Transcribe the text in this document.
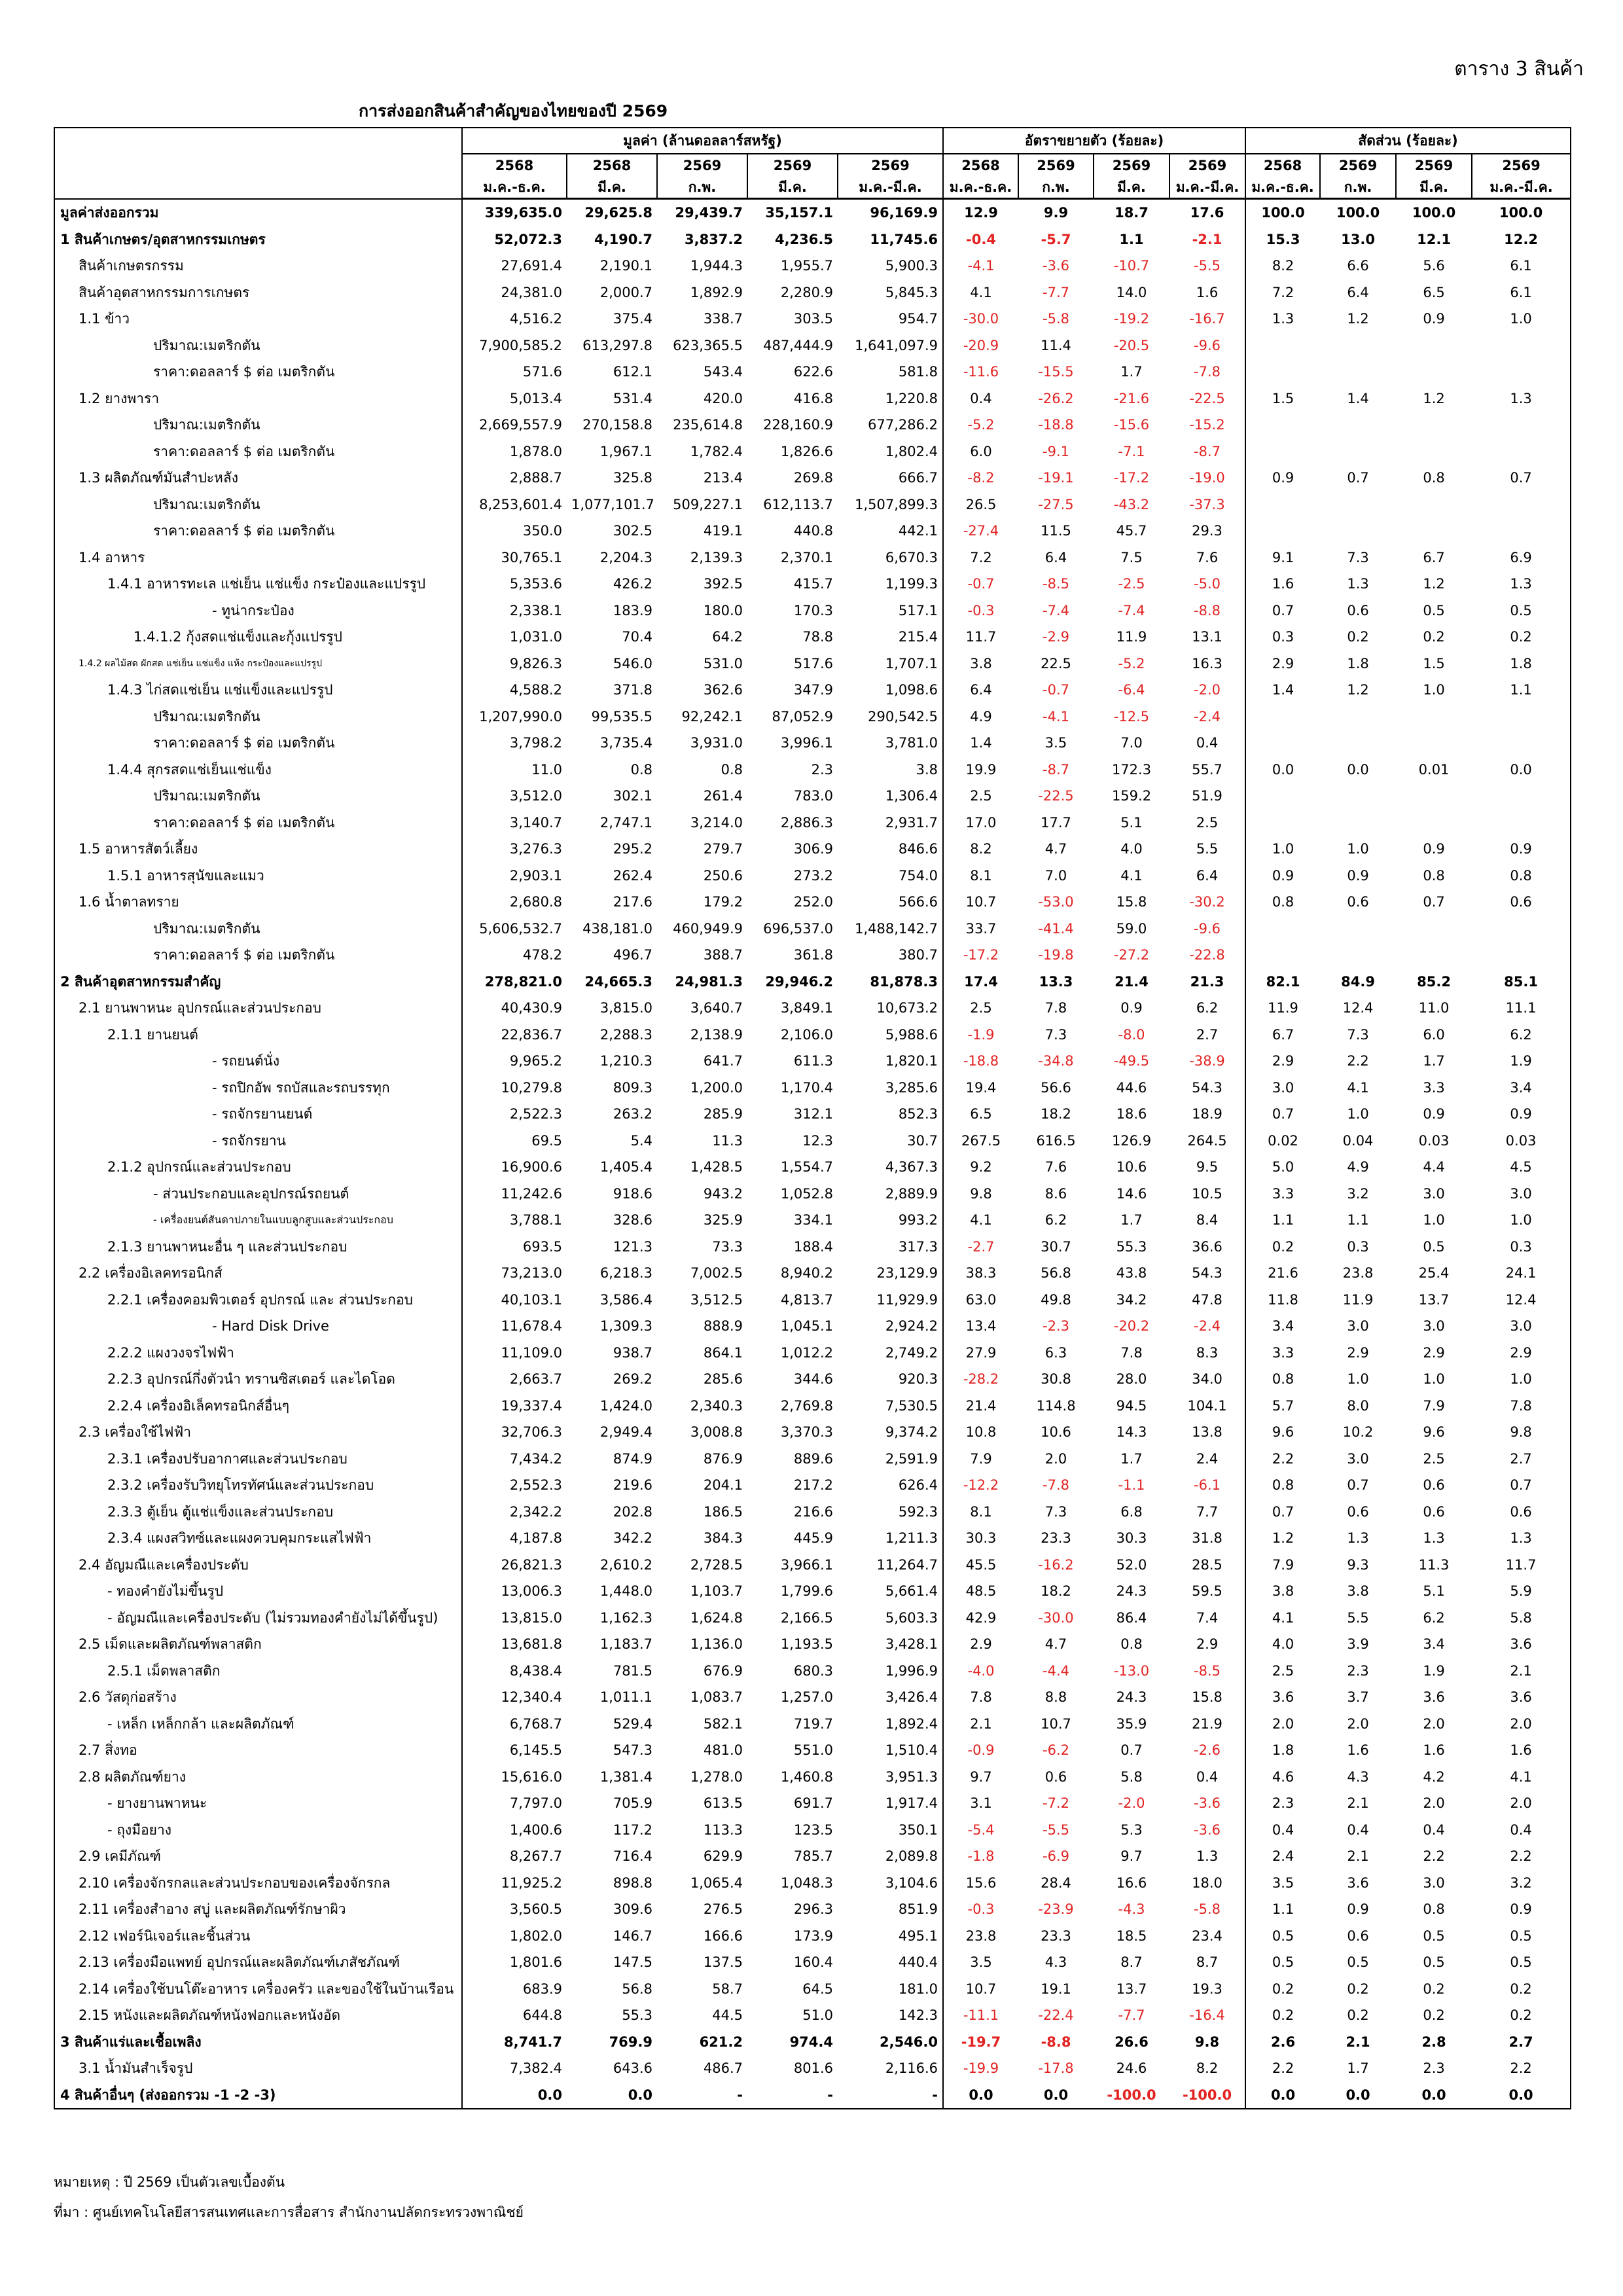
ตาราง 3 สินค้า
การส่งออกสินค้าสำคัญของไทยของปี 2569
	มูลค่า (ล้านดอลลาร์สหรัฐ)					อัตราขยายตัว (ร้อยละ)				สัดส่วน (ร้อยละ)			
	2568	2568	2569	2569	2569	2568	2569	2569	2569	2568	2569	2569	2569
	ม.ค.-ธ.ค.	มี.ค.	ก.พ.	มี.ค.	ม.ค.-มี.ค.	ม.ค.-ธ.ค.	ก.พ.	มี.ค.	ม.ค.-มี.ค.	ม.ค.-ธ.ค.	ก.พ.	มี.ค.	ม.ค.-มี.ค.
มูลค่าส่งออกรวม	339,635.0	29,625.8	29,439.7	35,157.1	96,169.9	12.9	9.9	18.7	17.6	100.0	100.0	100.0	100.0
1 สินค้าเกษตร/อุตสาหกรรมเกษตร	52,072.3	4,190.7	3,837.2	4,236.5	11,745.6	-0.4	-5.7	1.1	-2.1	15.3	13.0	12.1	12.2
สินค้าเกษตรกรรม	27,691.4	2,190.1	1,944.3	1,955.7	5,900.3	-4.1	-3.6	-10.7	-5.5	8.2	6.6	5.6	6.1
สินค้าอุตสาหกรรมการเกษตร	24,381.0	2,000.7	1,892.9	2,280.9	5,845.3	4.1	-7.7	14.0	1.6	7.2	6.4	6.5	6.1
1.1 ข้าว	4,516.2	375.4	338.7	303.5	954.7	-30.0	-5.8	-19.2	-16.7	1.3	1.2	0.9	1.0
ปริมาณ:เมตริกตัน	7,900,585.2	613,297.8	623,365.5	487,444.9	1,641,097.9	-20.9	11.4	-20.5	-9.6				
ราคา:ดอลลาร์ $ ต่อ เมตริกตัน	571.6	612.1	543.4	622.6	581.8	-11.6	-15.5	1.7	-7.8				
1.2 ยางพารา	5,013.4	531.4	420.0	416.8	1,220.8	0.4	-26.2	-21.6	-22.5	1.5	1.4	1.2	1.3
ปริมาณ:เมตริกตัน	2,669,557.9	270,158.8	235,614.8	228,160.9	677,286.2	-5.2	-18.8	-15.6	-15.2				
ราคา:ดอลลาร์ $ ต่อ เมตริกตัน	1,878.0	1,967.1	1,782.4	1,826.6	1,802.4	6.0	-9.1	-7.1	-8.7				
1.3 ผลิตภัณฑ์มันสำปะหลัง	2,888.7	325.8	213.4	269.8	666.7	-8.2	-19.1	-17.2	-19.0	0.9	0.7	0.8	0.7
ปริมาณ:เมตริกตัน	8,253,601.4	1,077,101.7	509,227.1	612,113.7	1,507,899.3	26.5	-27.5	-43.2	-37.3				
ราคา:ดอลลาร์ $ ต่อ เมตริกตัน	350.0	302.5	419.1	440.8	442.1	-27.4	11.5	45.7	29.3				
1.4 อาหาร	30,765.1	2,204.3	2,139.3	2,370.1	6,670.3	7.2	6.4	7.5	7.6	9.1	7.3	6.7	6.9
1.4.1 อาหารทะเล แช่เย็น แช่แข็ง กระป๋องและแปรรูป	5,353.6	426.2	392.5	415.7	1,199.3	-0.7	-8.5	-2.5	-5.0	1.6	1.3	1.2	1.3
- ทูน่ากระป๋อง	2,338.1	183.9	180.0	170.3	517.1	-0.3	-7.4	-7.4	-8.8	0.7	0.6	0.5	0.5
1.4.1.2 กุ้งสดแช่แข็งและกุ้งแปรรูป	1,031.0	70.4	64.2	78.8	215.4	11.7	-2.9	11.9	13.1	0.3	0.2	0.2	0.2
1.4.2 ผลไม้สด ผักสด แช่เย็น แช่แข็ง แห้ง กระป๋องและแปรรูป	9,826.3	546.0	531.0	517.6	1,707.1	3.8	22.5	-5.2	16.3	2.9	1.8	1.5	1.8
1.4.3 ไก่สดแช่เย็น แช่แข็งและแปรรูป	4,588.2	371.8	362.6	347.9	1,098.6	6.4	-0.7	-6.4	-2.0	1.4	1.2	1.0	1.1
ปริมาณ:เมตริกตัน	1,207,990.0	99,535.5	92,242.1	87,052.9	290,542.5	4.9	-4.1	-12.5	-2.4				
ราคา:ดอลลาร์ $ ต่อ เมตริกตัน	3,798.2	3,735.4	3,931.0	3,996.1	3,781.0	1.4	3.5	7.0	0.4				
1.4.4 สุกรสดแช่เย็นแช่แข็ง	11.0	0.8	0.8	2.3	3.8	19.9	-8.7	172.3	55.7	0.0	0.0	0.01	0.0
ปริมาณ:เมตริกตัน	3,512.0	302.1	261.4	783.0	1,306.4	2.5	-22.5	159.2	51.9				
ราคา:ดอลลาร์ $ ต่อ เมตริกตัน	3,140.7	2,747.1	3,214.0	2,886.3	2,931.7	17.0	17.7	5.1	2.5				
1.5 อาหารสัตว์เลี้ยง	3,276.3	295.2	279.7	306.9	846.6	8.2	4.7	4.0	5.5	1.0	1.0	0.9	0.9
1.5.1 อาหารสุนัขและแมว	2,903.1	262.4	250.6	273.2	754.0	8.1	7.0	4.1	6.4	0.9	0.9	0.8	0.8
1.6 น้ำตาลทราย	2,680.8	217.6	179.2	252.0	566.6	10.7	-53.0	15.8	-30.2	0.8	0.6	0.7	0.6
ปริมาณ:เมตริกตัน	5,606,532.7	438,181.0	460,949.9	696,537.0	1,488,142.7	33.7	-41.4	59.0	-9.6				
ราคา:ดอลลาร์ $ ต่อ เมตริกตัน	478.2	496.7	388.7	361.8	380.7	-17.2	-19.8	-27.2	-22.8				
2 สินค้าอุตสาหกรรมสำคัญ	278,821.0	24,665.3	24,981.3	29,946.2	81,878.3	17.4	13.3	21.4	21.3	82.1	84.9	85.2	85.1
2.1 ยานพาหนะ อุปกรณ์และส่วนประกอบ	40,430.9	3,815.0	3,640.7	3,849.1	10,673.2	2.5	7.8	0.9	6.2	11.9	12.4	11.0	11.1
2.1.1 ยานยนต์	22,836.7	2,288.3	2,138.9	2,106.0	5,988.6	-1.9	7.3	-8.0	2.7	6.7	7.3	6.0	6.2
- รถยนต์นั่ง	9,965.2	1,210.3	641.7	611.3	1,820.1	-18.8	-34.8	-49.5	-38.9	2.9	2.2	1.7	1.9
- รถปิกอัพ รถบัสและรถบรรทุก	10,279.8	809.3	1,200.0	1,170.4	3,285.6	19.4	56.6	44.6	54.3	3.0	4.1	3.3	3.4
- รถจักรยานยนต์	2,522.3	263.2	285.9	312.1	852.3	6.5	18.2	18.6	18.9	0.7	1.0	0.9	0.9
- รถจักรยาน	69.5	5.4	11.3	12.3	30.7	267.5	616.5	126.9	264.5	0.02	0.04	0.03	0.03
2.1.2 อุปกรณ์และส่วนประกอบ	16,900.6	1,405.4	1,428.5	1,554.7	4,367.3	9.2	7.6	10.6	9.5	5.0	4.9	4.4	4.5
- ส่วนประกอบและอุปกรณ์รถยนต์	11,242.6	918.6	943.2	1,052.8	2,889.9	9.8	8.6	14.6	10.5	3.3	3.2	3.0	3.0
- เครื่องยนต์สันดาปภายในแบบลูกสูบและส่วนประกอบ	3,788.1	328.6	325.9	334.1	993.2	4.1	6.2	1.7	8.4	1.1	1.1	1.0	1.0
2.1.3 ยานพาหนะอื่น ๆ และส่วนประกอบ	693.5	121.3	73.3	188.4	317.3	-2.7	30.7	55.3	36.6	0.2	0.3	0.5	0.3
2.2 เครื่องอิเลคทรอนิกส์	73,213.0	6,218.3	7,002.5	8,940.2	23,129.9	38.3	56.8	43.8	54.3	21.6	23.8	25.4	24.1
2.2.1 เครื่องคอมพิวเตอร์ อุปกรณ์ และ ส่วนประกอบ	40,103.1	3,586.4	3,512.5	4,813.7	11,929.9	63.0	49.8	34.2	47.8	11.8	11.9	13.7	12.4
- Hard Disk Drive	11,678.4	1,309.3	888.9	1,045.1	2,924.2	13.4	-2.3	-20.2	-2.4	3.4	3.0	3.0	3.0
2.2.2 แผงวงจรไฟฟ้า	11,109.0	938.7	864.1	1,012.2	2,749.2	27.9	6.3	7.8	8.3	3.3	2.9	2.9	2.9
2.2.3 อุปกรณ์กึ่งตัวนำ ทรานซิสเตอร์ และไดโอด	2,663.7	269.2	285.6	344.6	920.3	-28.2	30.8	28.0	34.0	0.8	1.0	1.0	1.0
2.2.4 เครื่องอิเล็คทรอนิกส์อื่นๆ	19,337.4	1,424.0	2,340.3	2,769.8	7,530.5	21.4	114.8	94.5	104.1	5.7	8.0	7.9	7.8
2.3 เครื่องใช้ไฟฟ้า	32,706.3	2,949.4	3,008.8	3,370.3	9,374.2	10.8	10.6	14.3	13.8	9.6	10.2	9.6	9.8
2.3.1 เครื่องปรับอากาศและส่วนประกอบ	7,434.2	874.9	876.9	889.6	2,591.9	7.9	2.0	1.7	2.4	2.2	3.0	2.5	2.7
2.3.2 เครื่องรับวิทยุโทรทัศน์และส่วนประกอบ	2,552.3	219.6	204.1	217.2	626.4	-12.2	-7.8	-1.1	-6.1	0.8	0.7	0.6	0.7
2.3.3 ตู้เย็น ตู้แช่แข็งและส่วนประกอบ	2,342.2	202.8	186.5	216.6	592.3	8.1	7.3	6.8	7.7	0.7	0.6	0.6	0.6
2.3.4 แผงสวิทซ์และแผงควบคุมกระแสไฟฟ้า	4,187.8	342.2	384.3	445.9	1,211.3	30.3	23.3	30.3	31.8	1.2	1.3	1.3	1.3
2.4 อัญมณีและเครื่องประดับ	26,821.3	2,610.2	2,728.5	3,966.1	11,264.7	45.5	-16.2	52.0	28.5	7.9	9.3	11.3	11.7
- ทองคำยังไม่ขึ้นรูป	13,006.3	1,448.0	1,103.7	1,799.6	5,661.4	48.5	18.2	24.3	59.5	3.8	3.8	5.1	5.9
- อัญมณีและเครื่องประดับ (ไม่รวมทองคำยังไม่ได้ขึ้นรูป)	13,815.0	1,162.3	1,624.8	2,166.5	5,603.3	42.9	-30.0	86.4	7.4	4.1	5.5	6.2	5.8
2.5 เม็ดและผลิตภัณฑ์พลาสติก	13,681.8	1,183.7	1,136.0	1,193.5	3,428.1	2.9	4.7	0.8	2.9	4.0	3.9	3.4	3.6
2.5.1 เม็ดพลาสติก	8,438.4	781.5	676.9	680.3	1,996.9	-4.0	-4.4	-13.0	-8.5	2.5	2.3	1.9	2.1
2.6 วัสดุก่อสร้าง	12,340.4	1,011.1	1,083.7	1,257.0	3,426.4	7.8	8.8	24.3	15.8	3.6	3.7	3.6	3.6
- เหล็ก เหล็กกล้า และผลิตภัณฑ์	6,768.7	529.4	582.1	719.7	1,892.4	2.1	10.7	35.9	21.9	2.0	2.0	2.0	2.0
2.7 สิ่งทอ	6,145.5	547.3	481.0	551.0	1,510.4	-0.9	-6.2	0.7	-2.6	1.8	1.6	1.6	1.6
2.8 ผลิตภัณฑ์ยาง	15,616.0	1,381.4	1,278.0	1,460.8	3,951.3	9.7	0.6	5.8	0.4	4.6	4.3	4.2	4.1
- ยางยานพาหนะ	7,797.0	705.9	613.5	691.7	1,917.4	3.1	-7.2	-2.0	-3.6	2.3	2.1	2.0	2.0
- ถุงมือยาง	1,400.6	117.2	113.3	123.5	350.1	-5.4	-5.5	5.3	-3.6	0.4	0.4	0.4	0.4
2.9 เคมีภัณฑ์	8,267.7	716.4	629.9	785.7	2,089.8	-1.8	-6.9	9.7	1.3	2.4	2.1	2.2	2.2
2.10 เครื่องจักรกลและส่วนประกอบของเครื่องจักรกล	11,925.2	898.8	1,065.4	1,048.3	3,104.6	15.6	28.4	16.6	18.0	3.5	3.6	3.0	3.2
2.11 เครื่องสำอาง สบู่ และผลิตภัณฑ์รักษาผิว	3,560.5	309.6	276.5	296.3	851.9	-0.3	-23.9	-4.3	-5.8	1.1	0.9	0.8	0.9
2.12 เฟอร์นิเจอร์และชิ้นส่วน	1,802.0	146.7	166.6	173.9	495.1	23.8	23.3	18.5	23.4	0.5	0.6	0.5	0.5
2.13 เครื่องมือแพทย์ อุปกรณ์และผลิตภัณฑ์เภสัชภัณฑ์	1,801.6	147.5	137.5	160.4	440.4	3.5	4.3	8.7	8.7	0.5	0.5	0.5	0.5
2.14 เครื่องใช้บนโต๊ะอาหาร เครื่องครัว และของใช้ในบ้านเรือน	683.9	56.8	58.7	64.5	181.0	10.7	19.1	13.7	19.3	0.2	0.2	0.2	0.2
2.15 หนังและผลิตภัณฑ์หนังฟอกและหนังอัด	644.8	55.3	44.5	51.0	142.3	-11.1	-22.4	-7.7	-16.4	0.2	0.2	0.2	0.2
3 สินค้าแร่และเชื้อเพลิง	8,741.7	769.9	621.2	974.4	2,546.0	-19.7	-8.8	26.6	9.8	2.6	2.1	2.8	2.7
3.1 น้ำมันสำเร็จรูป	7,382.4	643.6	486.7	801.6	2,116.6	-19.9	-17.8	24.6	8.2	2.2	1.7	2.3	2.2
4 สินค้าอื่นๆ (ส่งออกรวม -1 -2 -3)	0.0	0.0	-	-	-	0.0	0.0	-100.0	-100.0	0.0	0.0	0.0	0.0
หมายเหตุ : ปี 2569 เป็นตัวเลขเบื้องต้น
ที่มา : ศูนย์เทคโนโลยีสารสนเทศและการสื่อสาร สำนักงานปลัดกระทรวงพาณิชย์
